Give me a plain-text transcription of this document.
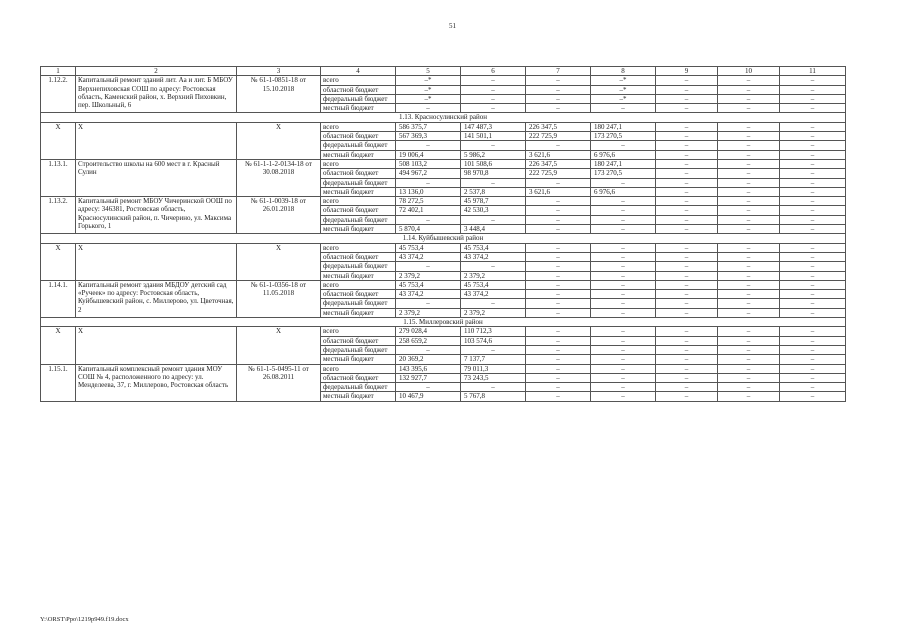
51
1	2	3	4	5	6	7	8	9	10	11
1.12.2.	Капитальный ремонт зданий лит. Аа и лит. Б МБОУ Верхнепиховская СОШ по адресу: Ростовская область, Каменский район, х. Верхний Пиховкин, пер. Школьный, 6	№ 61-1-0851-18 от 15.10.2018	всего	–*	–	–	–*	–	–	–
			областной бюджет	–*	–	–	–*	–	–	–
			федеральный бюджет	–*	–	–	–*	–	–	–
			местный бюджет	–	–	–	–	–	–	–
1.13. Красносулинский район										
X	X	X	всего	586 375,7	147 487,3	226 347,5	180 247,1	–	–	–
			областной бюджет	567 369,3	141 501,1	222 725,9	173 270,5	–	–	–
			федеральный бюджет	–	–	–	–	–	–	–
			местный бюджет	19 006,4	5 986,2	3 621,6	6 976,6	–	–	–
1.13.1.	Строительство школы на 600 мест в г. Красный Сулин	№ 61-1-1-2-0134-18 от 30.08.2018	всего	508 103,2	101 508,6	226 347,5	180 247,1	–	–	–
			областной бюджет	494 967,2	98 970,8	222 725,9	173 270,5	–	–	–
			федеральный бюджет	–	–	–	–	–	–	–
			местный бюджет	13 136,0	2 537,8	3 621,6	6 976,6	–	–	–
1.13.2.	Капитальный ремонт МБОУ Чичеринской ООШ по адресу: 346381, Ростовская область, Красносулинский район, п. Чичерино, ул. Максима Горького, 1	№ 61-1-0039-18 от 26.01.2018	всего	78 272,5	45 978,7	–	–	–	–	–
			областной бюджет	72 402,1	42 530,3	–	–	–	–	–
			федеральный бюджет	–	–	–	–	–	–	–
			местный бюджет	5 870,4	3 448,4	–	–	–	–	–
1.14. Куйбышевский район										
X	X	X	всего	45 753,4	45 753,4	–	–	–	–	–
			областной бюджет	43 374,2	43 374,2	–	–	–	–	–
			федеральный бюджет	–	–	–	–	–	–	–
			местный бюджет	2 379,2	2 379,2	–	–	–	–	–
1.14.1.	Капитальный ремонт здания МБДОУ детский сад «Ручеек» по адресу: Ростовская область, Куйбышевский район, с. Миллерово, ул. Цветочная, 2	№ 61-1-0356-18 от 11.05.2018	всего	45 753,4	45 753,4	–	–	–	–	–
			областной бюджет	43 374,2	43 374,2	–	–	–	–	–
			федеральный бюджет	–	–	–	–	–	–	–
			местный бюджет	2 379,2	2 379,2	–	–	–	–	–
1.15. Миллеровский район										
X	X	X	всего	279 028,4	110 712,3	–	–	–	–	–
			областной бюджет	258 659,2	103 574,6	–	–	–	–	–
			федеральный бюджет	–	–	–	–	–	–	–
			местный бюджет	20 369,2	7 137,7	–	–	–	–	–
1.15.1.	Капитальный комплексный ремонт здания МОУ СОШ № 4, расположенного по адресу: ул. Менделеева, 37, г. Миллерово, Ростовская область	№ 61-1-5-0495-11 от 26.08.2011	всего	143 395,6	79 011,3	–	–	–	–	–
			областной бюджет	132 927,7	73 243,5	–	–	–	–	–
			федеральный бюджет	–	–	–	–	–	–	–
			местный бюджет	10 467,9	5 767,8	–	–	–	–	–
Y:\ORST\Ppo\1219p949.f19.docx
